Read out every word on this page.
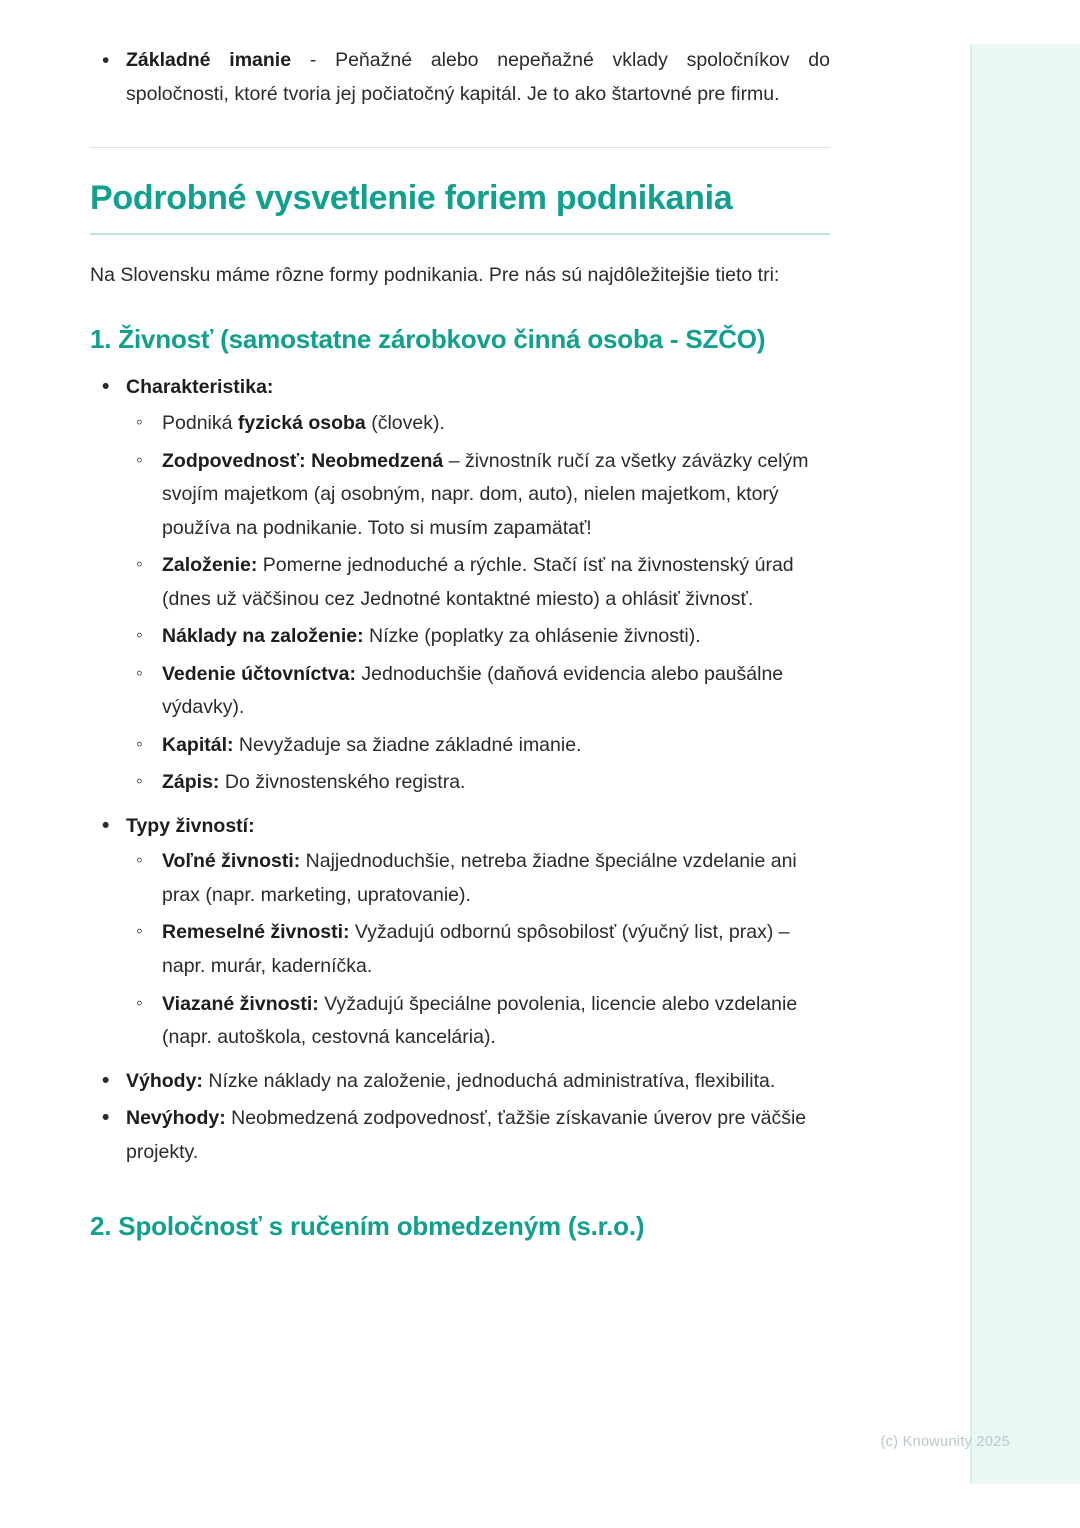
• Základné imanie - Peňažné alebo nepeňažné vklady spoločníkov do spoločnosti, ktoré tvoria jej počiatočný kapitál. Je to ako štartovné pre firmu.
Podrobné vysvetlenie foriem podnikania

Na Slovensku máme rôzne formy podnikania. Pre nás sú najdôležitejšie tieto tri:

1. Živnosť (samostatne zárobkovo činná osoba - SZČO)
• Charakteristika:
◦ Podniká fyzická osoba (človek).
◦ Zodpovednosť: Neobmedzená – živnostník ručí za všetky záväzky celým svojím majetkom (aj osobným, napr. dom, auto), nielen majetkom, ktorý používa na podnikanie. Toto si musím zapamätať!
◦ Založenie: Pomerne jednoduché a rýchle. Stačí ísť na živnostenský úrad (dnes už väčšinou cez Jednotné kontaktné miesto) a ohlásiť živnosť.
◦ Náklady na založenie: Nízke (poplatky za ohlásenie živnosti).
◦ Vedenie účtovníctva: Jednoduchšie (daňová evidencia alebo paušálne výdavky).
◦ Kapitál: Nevyžaduje sa žiadne základné imanie.
◦ Zápis: Do živnostenského registra.
• Typy živností:
◦ Voľné živnosti: Najjednoduchšie, netreba žiadne špeciálne vzdelanie ani prax (napr. marketing, upratovanie).
◦ Remeselné živnosti: Vyžadujú odbornú spôsobilosť (výučný list, prax) – napr. murár, kaderníčka.
◦ Viazané živnosti: Vyžadujú špeciálne povolenia, licencie alebo vzdelanie (napr. autoškola, cestovná kancelária).
• Výhody: Nízke náklady na založenie, jednoduchá administratíva, flexibilita.
• Nevýhody: Neobmedzená zodpovednosť, ťažšie získavanie úverov pre väčšie projekty.
2. Spoločnosť s ručením obmedzeným (s.r.o.)
(c) Knowunity 2025
